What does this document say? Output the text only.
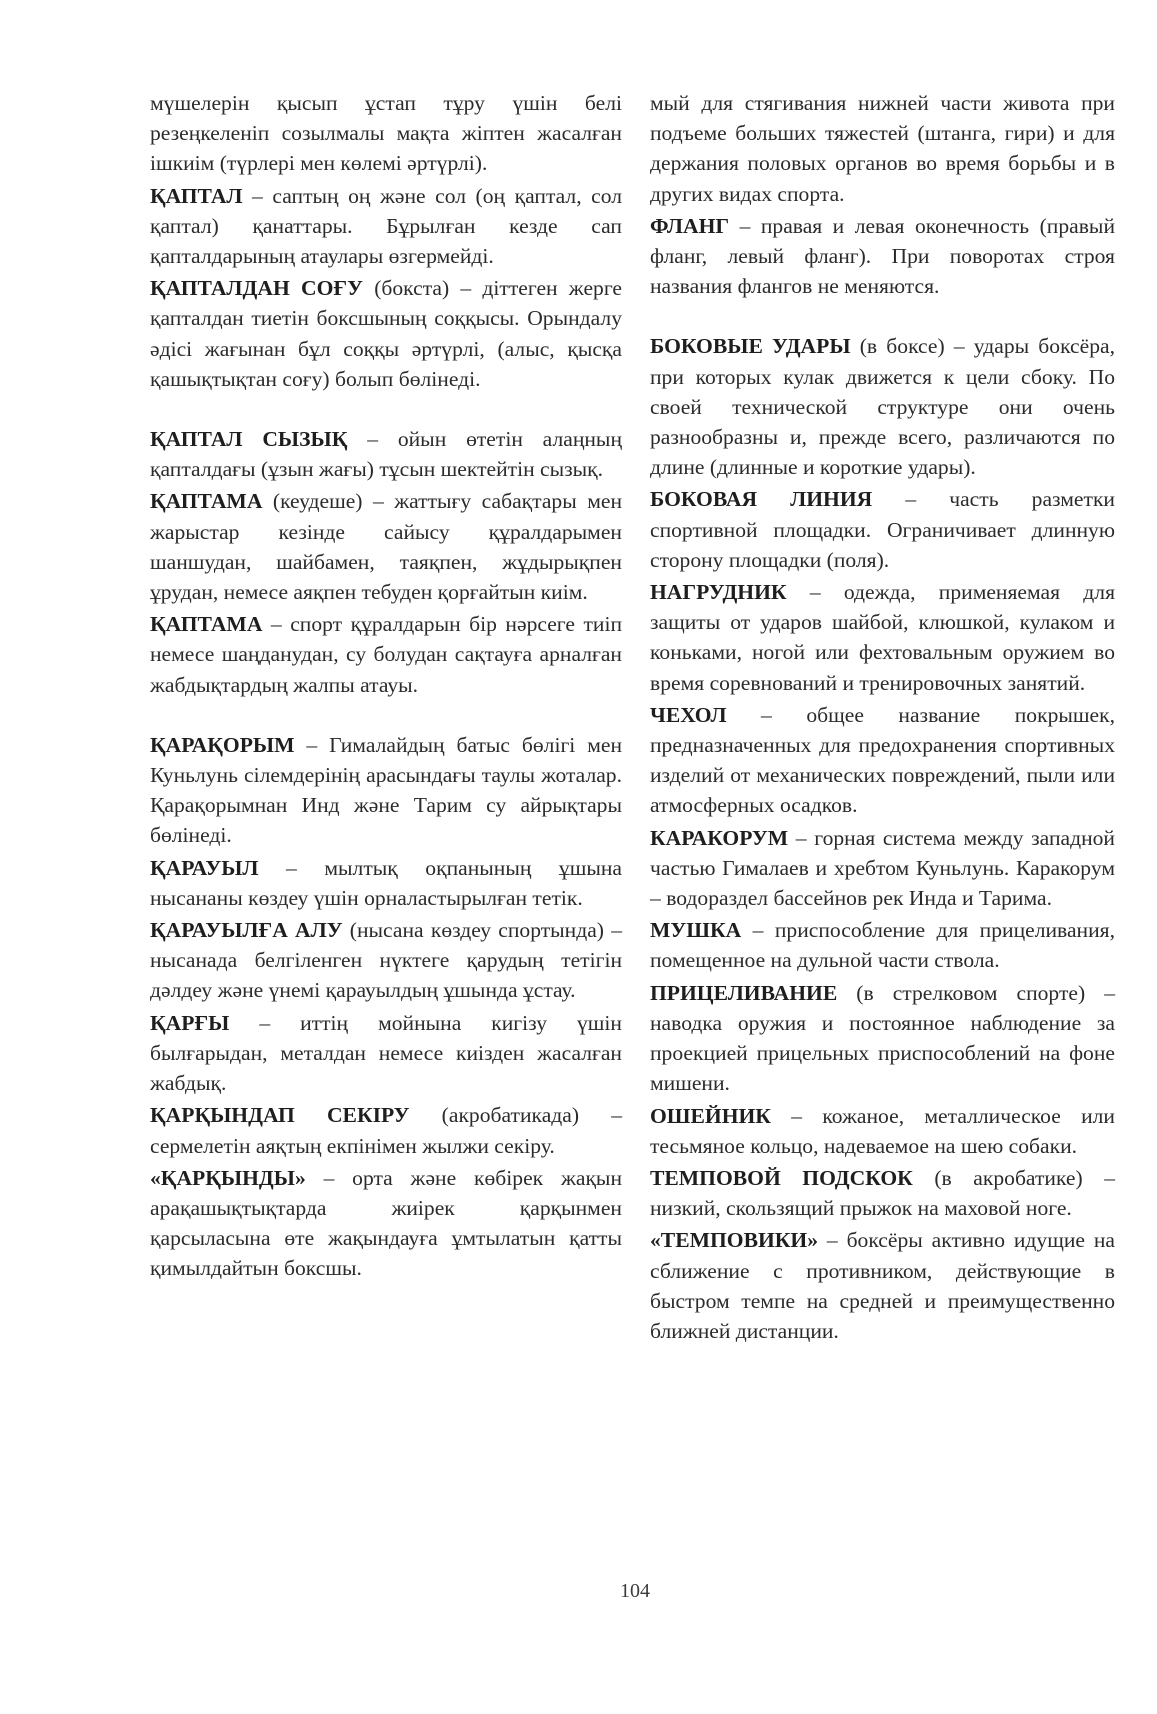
мүшелерін қысып ұстап тұру үшін белі резеңкеленіп созылмалы мақта жіптен жасалған ішкиім (түрлері мен көлемі әртүрлі).

ҚАПТАЛ – саптың оң және сол (оң қаптал, сол қаптал) қанаттары. Бұрылған кезде сап қапталдарының атаулары өзгермейді.

ҚАПТАЛДАН СОҒУ (бокста) – діттеген жерге қапталдан тиетін боксшының соққысы. Орындалу әдісі жағынан бұл соққы әртүрлі, (алыс, қысқа қашықтықтан соғу) болып бөлінеді.

ҚАПТАЛ СЫЗЫҚ – ойын өтетін алаңның қапталдағы (ұзын жағы) тұсын шектейтін сызық.

ҚАПТАМА (кеудеше) – жаттығу сабақтары мен жарыстар кезінде сайысу құралдарымен шаншудан, шайбамен, таяқпен, жұдырықпен ұрудан, немесе аяқпен тебуден қорғайтын киім.

ҚАПТАМА – спорт құралдарын бір нәрсеге тиіп немесе шаңданудан, су болудан сақтауға арналған жабдықтардың жалпы атауы.

ҚАРАҚОРЫМ – Гималайдың батыс бөлігі мен Куньлунь сілемдерінің арасындағы таулы жоталар. Қарақорымнан Инд және Тарим су айрықтары бөлінеді.

ҚАРАУЫЛ – мылтық оқпанының ұшына нысананы көздеу үшін орналастырылған тетік.

ҚАРАУЫЛҒА АЛУ (нысана көздеу спортында) – нысанада белгіленген нүктеге қарудың тетігін дәлдеу және үнемі қарауылдың ұшында ұстау.

ҚАРҒЫ – иттің мойнына кигізу үшін былғарыдан, металдан немесе киізден жасалған жабдық.

ҚАРҚЫНДАП СЕКІРУ (акробатикада) – сермелетін аяқтың екпінімен жылжи секіру.

«ҚАРҚЫНДЫ» – орта және көбірек жақын арақашықтықтарда жиірек қарқынмен қарсыласына өте жақындауға ұмтылатын қатты қимылдайтын боксшы.

мый для стягивания нижней части живота при подъеме больших тяжестей (штанга, гири) и для держания половых органов во время борьбы и в других видах спорта.

ФЛАНГ – правая и левая оконечность (правый фланг, левый фланг). При поворотах строя названия флангов не меняются.

БОКОВЫЕ УДАРЫ (в боксе) – удары боксёра, при которых кулак движется к цели сбоку. По своей технической структуре они очень разнообразны и, прежде всего, различаются по длине (длинные и короткие удары).

БОКОВАЯ ЛИНИЯ – часть разметки спортивной площадки. Ограничивает длинную сторону площадки (поля).

НАГРУДНИК – одежда, применяемая для защиты от ударов шайбой, клюшкой, кулаком и коньками, ногой или фехтовальным оружием во время соревнований и тренировочных занятий.

ЧЕХОЛ – общее название покрышек, предназначенных для предохранения спортивных изделий от механических повреждений, пыли или атмосферных осадков.

КАРАКОРУМ – горная система между западной частью Гималаев и хребтом Куньлунь. Каракорум – водораздел бассейнов рек Инда и Тарима.

МУШКА – приспособление для прицеливания, помещенное на дульной части ствола.

ПРИЦЕЛИВАНИЕ (в стрелковом спорте) – наводка оружия и постоянное наблюдение за проекцией прицельных приспособлений на фоне мишени.

ОШЕЙНИК – кожаное, металлическое или тесьмяное кольцо, надеваемое на шею собаки.

ТЕМПОВОЙ ПОДСКОК (в акробатике) – низкий, скользящий прыжок на маховой ноге.

«ТЕМПОВИКИ» – боксёры активно идущие на сближение с противником, действующие в быстром темпе на средней и преимущественно ближней дистанции.

104
